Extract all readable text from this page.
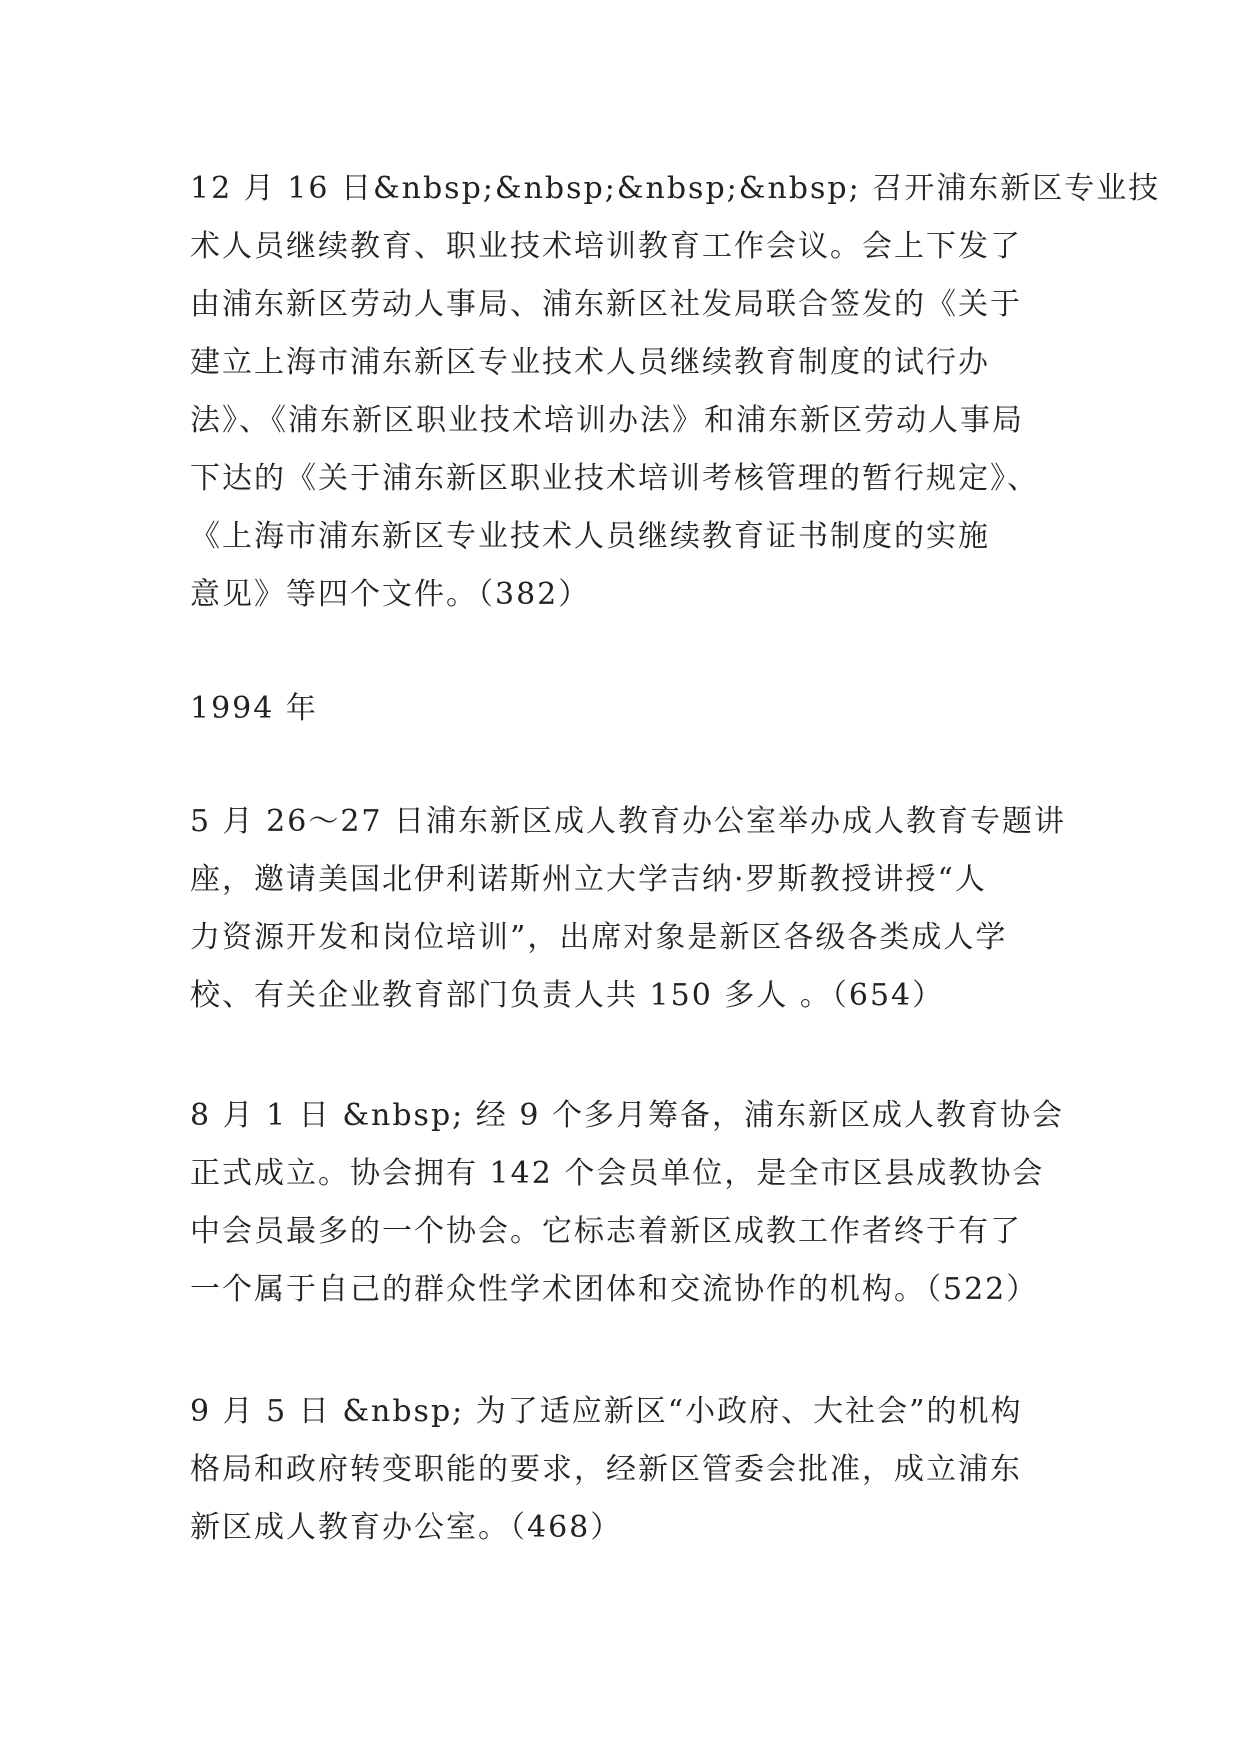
12 月 16 日&nbsp;&nbsp;&nbsp;&nbsp; 召开浦东新区专业技
术人员继续教育、职业技术培训教育工作会议。会上下发了
由浦东新区劳动人事局、浦东新区社发局联合签发的《关于
建立上海市浦东新区专业技术人员继续教育制度的试行办
法》、《浦东新区职业技术培训办法》和浦东新区劳动人事局
下达的《关于浦东新区职业技术培训考核管理的暂行规定》、
《上海市浦东新区专业技术人员继续教育证书制度的实施
意见》等四个文件。（382）
1994 年
5 月 26～27 日浦东新区成人教育办公室举办成人教育专题讲
座，邀请美国北伊利诺斯州立大学吉纳·罗斯教授讲授“人
力资源开发和岗位培训”，出席对象是新区各级各类成人学
校、有关企业教育部门负责人共 150 多人 。（654）
8 月 1 日 &nbsp; 经 9 个多月筹备，浦东新区成人教育协会
正式成立。协会拥有 142 个会员单位，是全市区县成教协会
中会员最多的一个协会。它标志着新区成教工作者终于有了
一个属于自己的群众性学术团体和交流协作的机构。（522）
9 月 5 日 &nbsp; 为了适应新区“小政府、大社会”的机构
格局和政府转变职能的要求，经新区管委会批准，成立浦东
新区成人教育办公室。（468）
